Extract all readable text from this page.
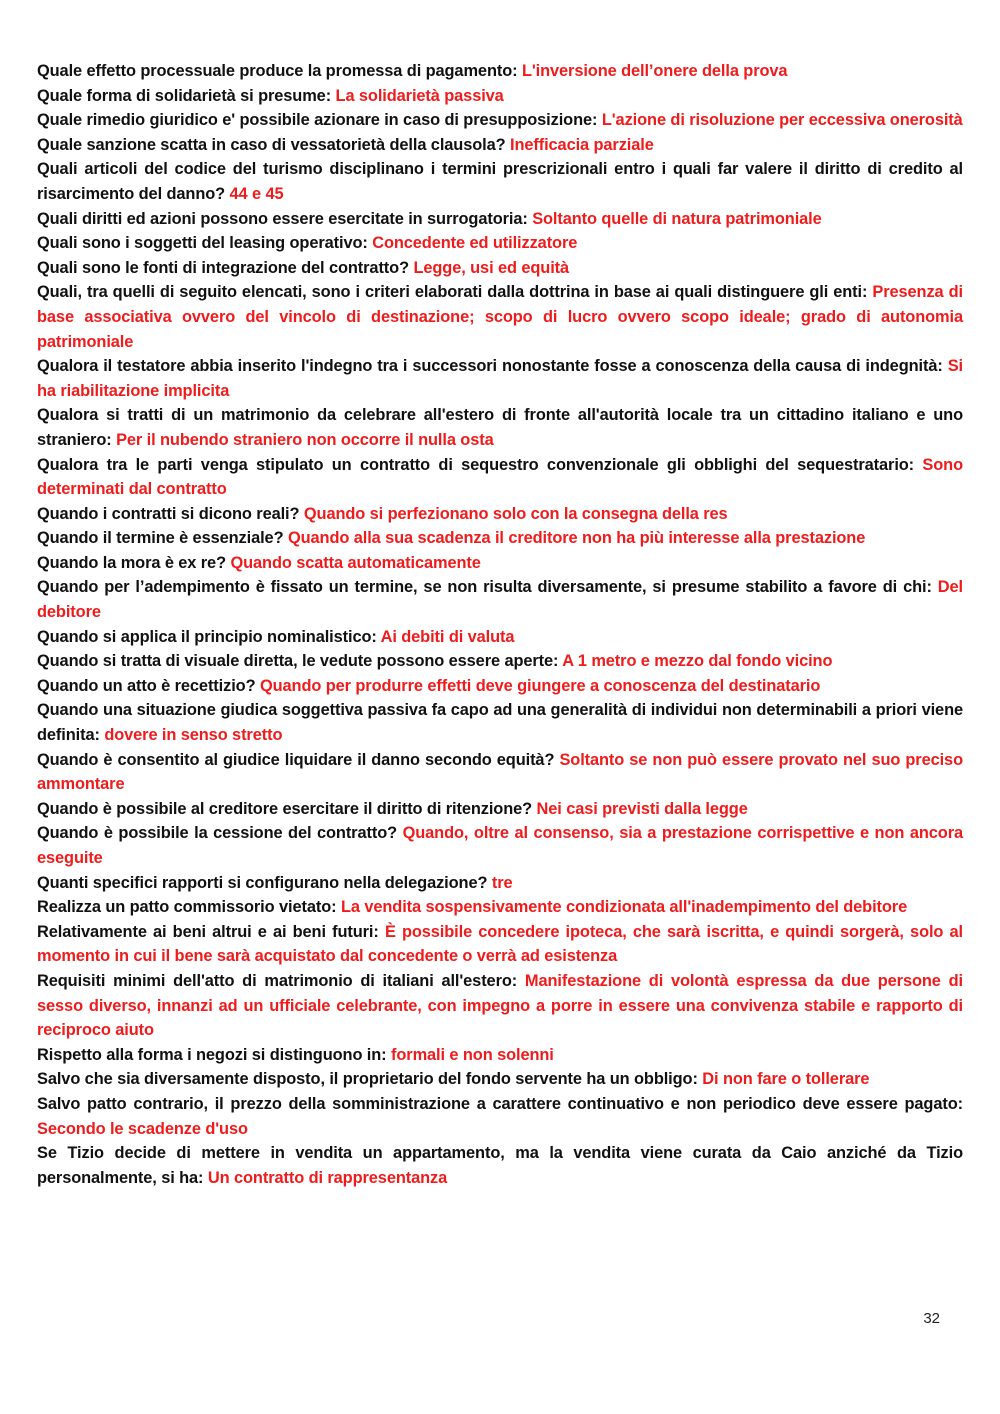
Quale effetto processuale produce la promessa di pagamento: L'inversione dell’onere della prova

Quale forma di solidarietà si presume: La solidarietà passiva

Quale rimedio giuridico e' possibile azionare in caso di presupposizione: L'azione di risoluzione per eccessiva onerosità

Quale sanzione scatta in caso di vessatorietà della clausola? Inefficacia parziale

Quali articoli del codice del turismo disciplinano i termini prescrizionali entro i quali far valere il diritto di credito al risarcimento del danno? 44 e 45

Quali diritti ed azioni possono essere esercitate in surrogatoria: Soltanto quelle di natura patrimoniale

Quali sono i soggetti del leasing operativo: Concedente ed utilizzatore

Quali sono le fonti di integrazione del contratto? Legge, usi ed equità

Quali, tra quelli di seguito elencati, sono i criteri elaborati dalla dottrina in base ai quali distinguere gli enti: Presenza di base associativa ovvero del vincolo di destinazione; scopo di lucro ovvero scopo ideale; grado di autonomia patrimoniale

Qualora il testatore abbia inserito l'indegno tra i successori nonostante fosse a conoscenza della causa di indegnità: Si ha riabilitazione implicita

Qualora si tratti di un matrimonio da celebrare all'estero di fronte all'autorità locale tra un cittadino italiano e uno straniero: Per il nubendo straniero non occorre il nulla osta

Qualora tra le parti venga stipulato un contratto di sequestro convenzionale gli obblighi del sequestratario: Sono determinati dal contratto

Quando i contratti si dicono reali? Quando si perfezionano solo con la consegna della res

Quando il termine è essenziale? Quando alla sua scadenza il creditore non ha più interesse alla prestazione

Quando la mora è ex re? Quando scatta automaticamente

Quando per l’adempimento è fissato un termine, se non risulta diversamente, si presume stabilito a favore di chi: Del debitore

Quando si applica il principio nominalistico: Ai debiti di valuta

Quando si tratta di visuale diretta, le vedute possono essere aperte: A 1 metro e mezzo dal fondo vicino

Quando un atto è recettizio? Quando per produrre effetti deve giungere a conoscenza del destinatario

Quando una situazione giudica soggettiva passiva fa capo ad una generalità di individui non determinabili a priori viene definita: dovere in senso stretto

Quando è consentito al giudice liquidare il danno secondo equità? Soltanto se non può essere provato nel suo preciso ammontare

Quando è possibile al creditore esercitare il diritto di ritenzione? Nei casi previsti dalla legge

Quando è possibile la cessione del contratto? Quando, oltre al consenso, sia a prestazione corrispettive e non ancora eseguite

Quanti specifici rapporti si configurano nella delegazione? tre

Realizza un patto commissorio vietato: La vendita sospensivamente condizionata all'inadempimento del debitore

Relativamente ai beni altrui e ai beni futuri: È possibile concedere ipoteca, che sarà iscritta, e quindi sorgerà, solo al momento in cui il bene sarà acquistato dal concedente o verrà ad esistenza

Requisiti minimi dell'atto di matrimonio di italiani all'estero: Manifestazione di volontà espressa da due persone di sesso diverso, innanzi ad un ufficiale celebrante, con impegno a porre in essere una convivenza stabile e rapporto di reciproco aiuto

Rispetto alla forma i negozi si distinguono in: formali e non solenni

Salvo che sia diversamente disposto, il proprietario del fondo servente ha un obbligo: Di non fare o tollerare

Salvo patto contrario, il prezzo della somministrazione a carattere continuativo e non periodico deve essere pagato: Secondo le scadenze d'uso

Se Tizio decide di mettere in vendita un appartamento, ma la vendita viene curata da Caio anziché da Tizio personalmente, si ha: Un contratto di rappresentanza

32
